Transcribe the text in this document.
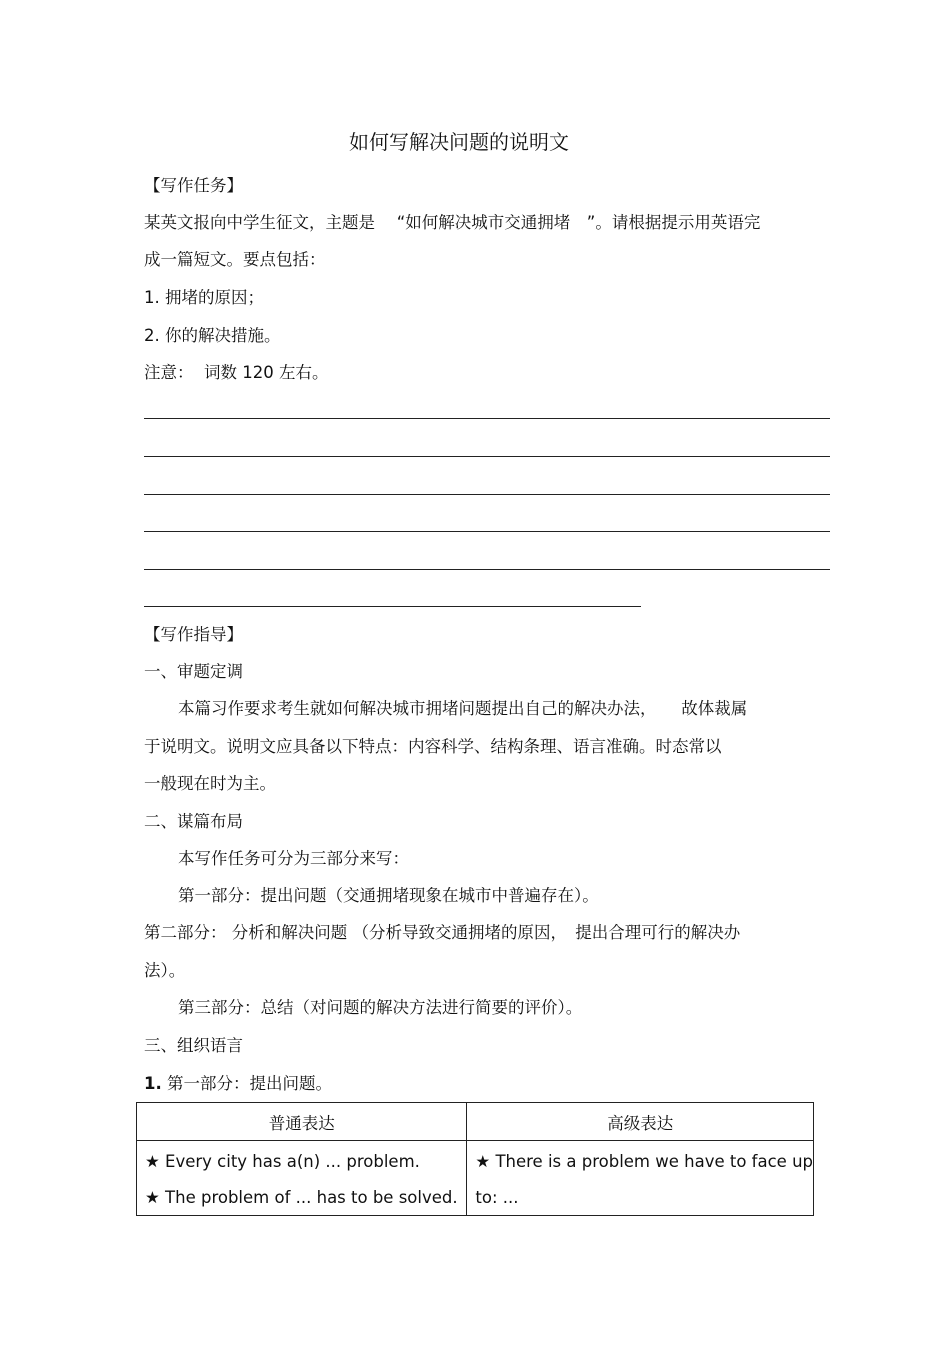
如何写解决问题的说明文
【写作任务】
某英文报向中学生征文，主题是　 “如何解决城市交通拥堵　”。请根据提示用英语完
成一篇短文。要点包括：
1. 拥堵的原因；
2. 你的解决措施。
注意：  词数 120 左右。
【写作指导】
一、审题定调
本篇习作要求考生就如何解决城市拥堵问题提出自己的解决办法，　　故体裁属
于说明文。说明文应具备以下特点：内容科学、结构条理、语言准确。时态常以
一般现在时为主。
二、谋篇布局
本写作任务可分为三部分来写：
第一部分：提出问题（交通拥堵现象在城市中普遍存在）。
第二部分： 分析和解决问题 （分析导致交通拥堵的原因，　提出合理可行的解决办
法）。
第三部分：总结（对问题的解决方法进行简要的评价）。
三、组织语言
1. 第一部分：提出问题。
普通表达	高级表达

★ Every city has a(n) ... problem.
★ The problem of ... has to be solved.	★ There is a problem we have to face up
to: ...
